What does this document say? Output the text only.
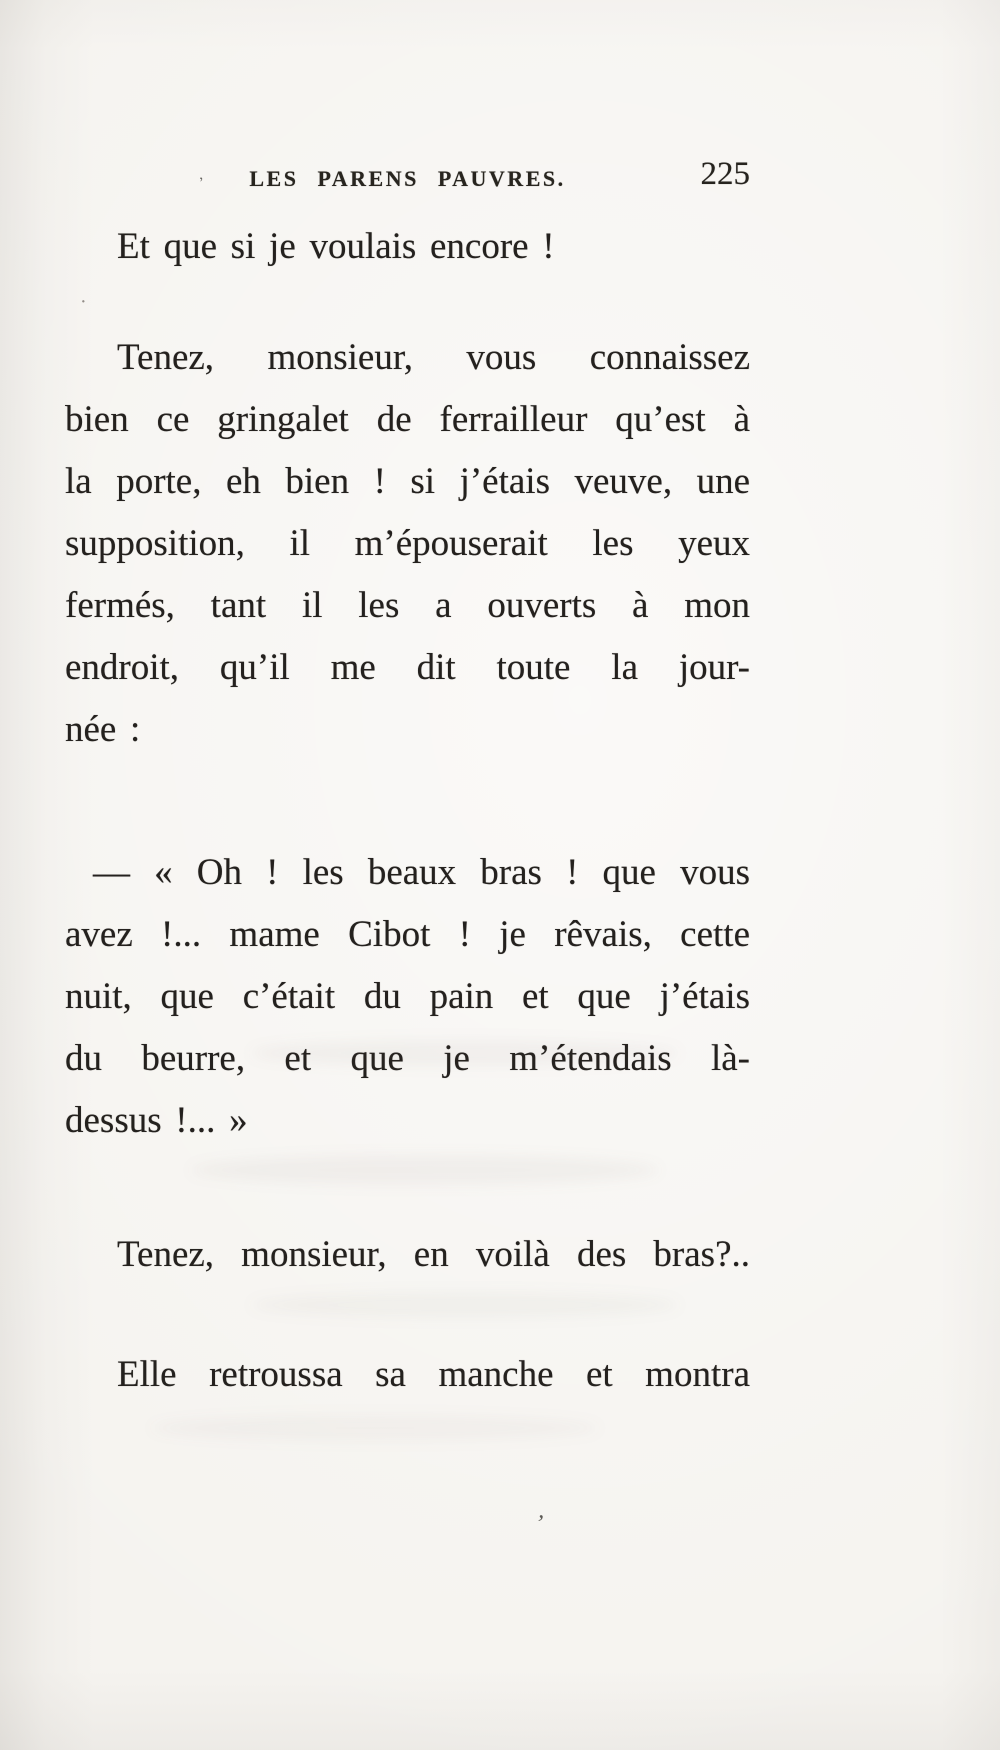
LES PARENS PAUVRES.	225
Et que si je voulais encore !
Tenez, monsieur, vous connaissez
bien ce gringalet de ferrailleur qu’est à
la porte, eh bien ! si j’étais veuve, une
supposition, il m’épouserait les yeux
fermés, tant il les a ouverts à mon
endroit, qu’il me dit toute la jour-
née :
— « Oh ! les beaux bras ! que vous
avez !... mame Cibot ! je rêvais, cette
nuit, que c’était du pain et que j’étais
du beurre, et que je m’étendais là-
dessus !... »
Tenez, monsieur, en voilà des bras?..
Elle retroussa sa manche et montra
‚
·
’
